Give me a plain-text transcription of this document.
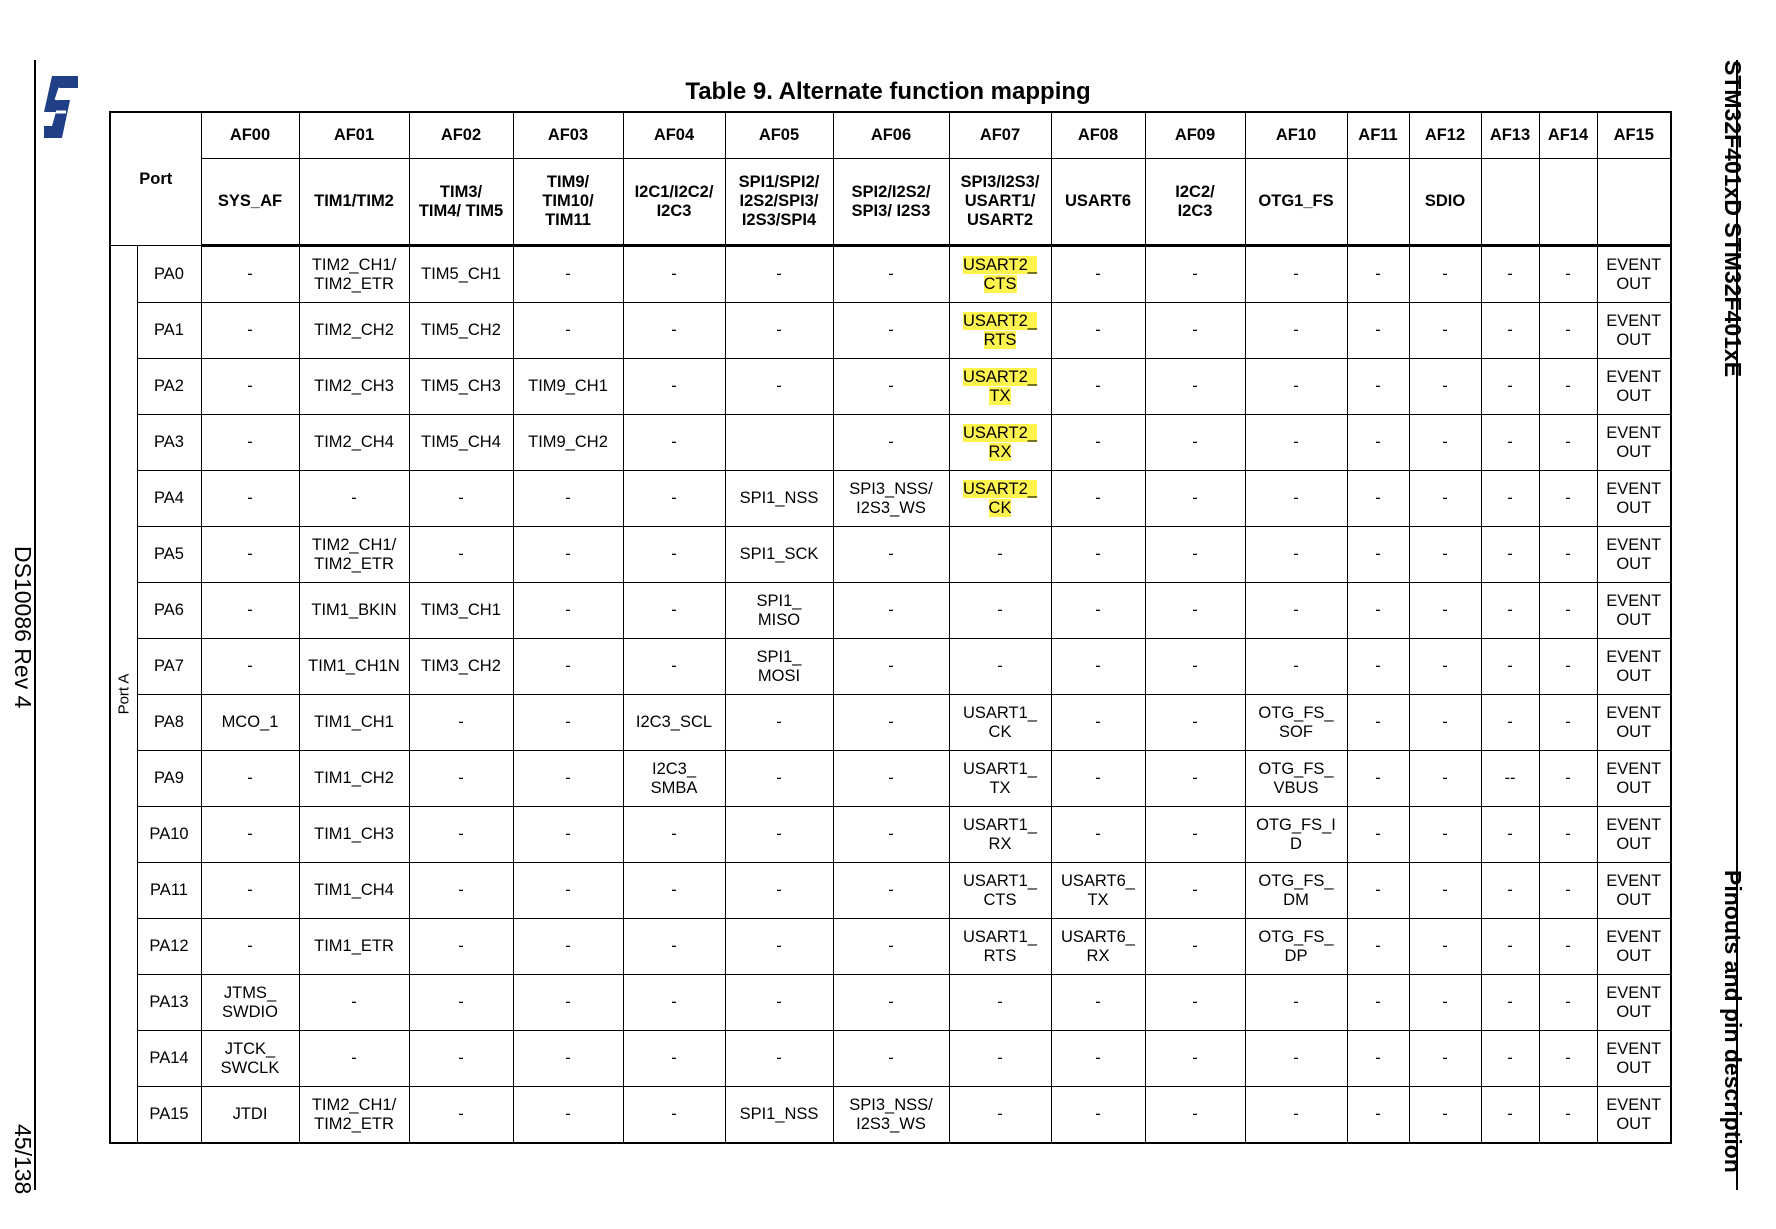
DS10086 Rev 4
45/138
STM32F401xD STM32F401xE
Pinouts and pin description
Table 9. Alternate function mapping
Port		AF00	AF01	AF02	AF03	AF04	AF05	AF06	AF07	AF08	AF09	AF10	AF11	AF12	AF13	AF14	AF15
		SYS_AF	TIM1/TIM2	TIM3/
TIM4/ TIM5	TIM9/
TIM10/
TIM11	I2C1/I2C2/
I2C3	SPI1/SPI2/
I2S2/SPI3/
I2S3/SPI4	SPI2/I2S2/
SPI3/ I2S3	SPI3/I2S3/
USART1/
USART2	USART6	I2C2/
I2C3	OTG1_FS		SDIO			

Port A	PA0	-	TIM2_CH1/
TIM2_ETR	TIM5_CH1	-	-	-	-	USART2_
CTS	-	-	-	-	-	-	-	EVENT
OUT
	PA1	-	TIM2_CH2	TIM5_CH2	-	-	-	-	USART2_
RTS	-	-	-	-	-	-	-	EVENT
OUT
	PA2	-	TIM2_CH3	TIM5_CH3	TIM9_CH1	-	-	-	USART2_
TX	-	-	-	-	-	-	-	EVENT
OUT
	PA3	-	TIM2_CH4	TIM5_CH4	TIM9_CH2	-		-	USART2_
RX	-	-	-	-	-	-	-	EVENT
OUT
	PA4	-	-	-	-	-	SPI1_NSS	SPI3_NSS/
I2S3_WS	USART2_
CK	-	-	-	-	-	-	-	EVENT
OUT
	PA5	-	TIM2_CH1/
TIM2_ETR	-	-	-	SPI1_SCK	-	-	-	-	-	-	-	-	-	EVENT
OUT
	PA6	-	TIM1_BKIN	TIM3_CH1	-	-	SPI1_
MISO	-	-	-	-	-	-	-	-	-	EVENT
OUT
	PA7	-	TIM1_CH1N	TIM3_CH2	-	-	SPI1_
MOSI	-	-	-	-	-	-	-	-	-	EVENT
OUT
	PA8	MCO_1	TIM1_CH1	-	-	I2C3_SCL	-	-	USART1_
CK	-	-	OTG_FS_
SOF	-	-	-	-	EVENT
OUT
	PA9	-	TIM1_CH2	-	-	I2C3_
SMBA	-	-	USART1_
TX	-	-	OTG_FS_
VBUS	-	-	--	-	EVENT
OUT
	PA10	-	TIM1_CH3	-	-	-	-	-	USART1_
RX	-	-	OTG_FS_I
D	-	-	-	-	EVENT
OUT
	PA11	-	TIM1_CH4	-	-	-	-	-	USART1_
CTS	USART6_
TX	-	OTG_FS_
DM	-	-	-	-	EVENT
OUT
	PA12	-	TIM1_ETR	-	-	-	-	-	USART1_
RTS	USART6_
RX	-	OTG_FS_
DP	-	-	-	-	EVENT
OUT
	PA13	JTMS_
SWDIO	-	-	-	-	-	-	-	-	-	-	-	-	-	-	EVENT
OUT
	PA14	JTCK_
SWCLK	-	-	-	-	-	-	-	-	-	-	-	-	-	-	EVENT
OUT
	PA15	JTDI	TIM2_CH1/
TIM2_ETR	-	-	-	SPI1_NSS	SPI3_NSS/
I2S3_WS	-	-	-	-	-	-	-	-	EVENT
OUT
